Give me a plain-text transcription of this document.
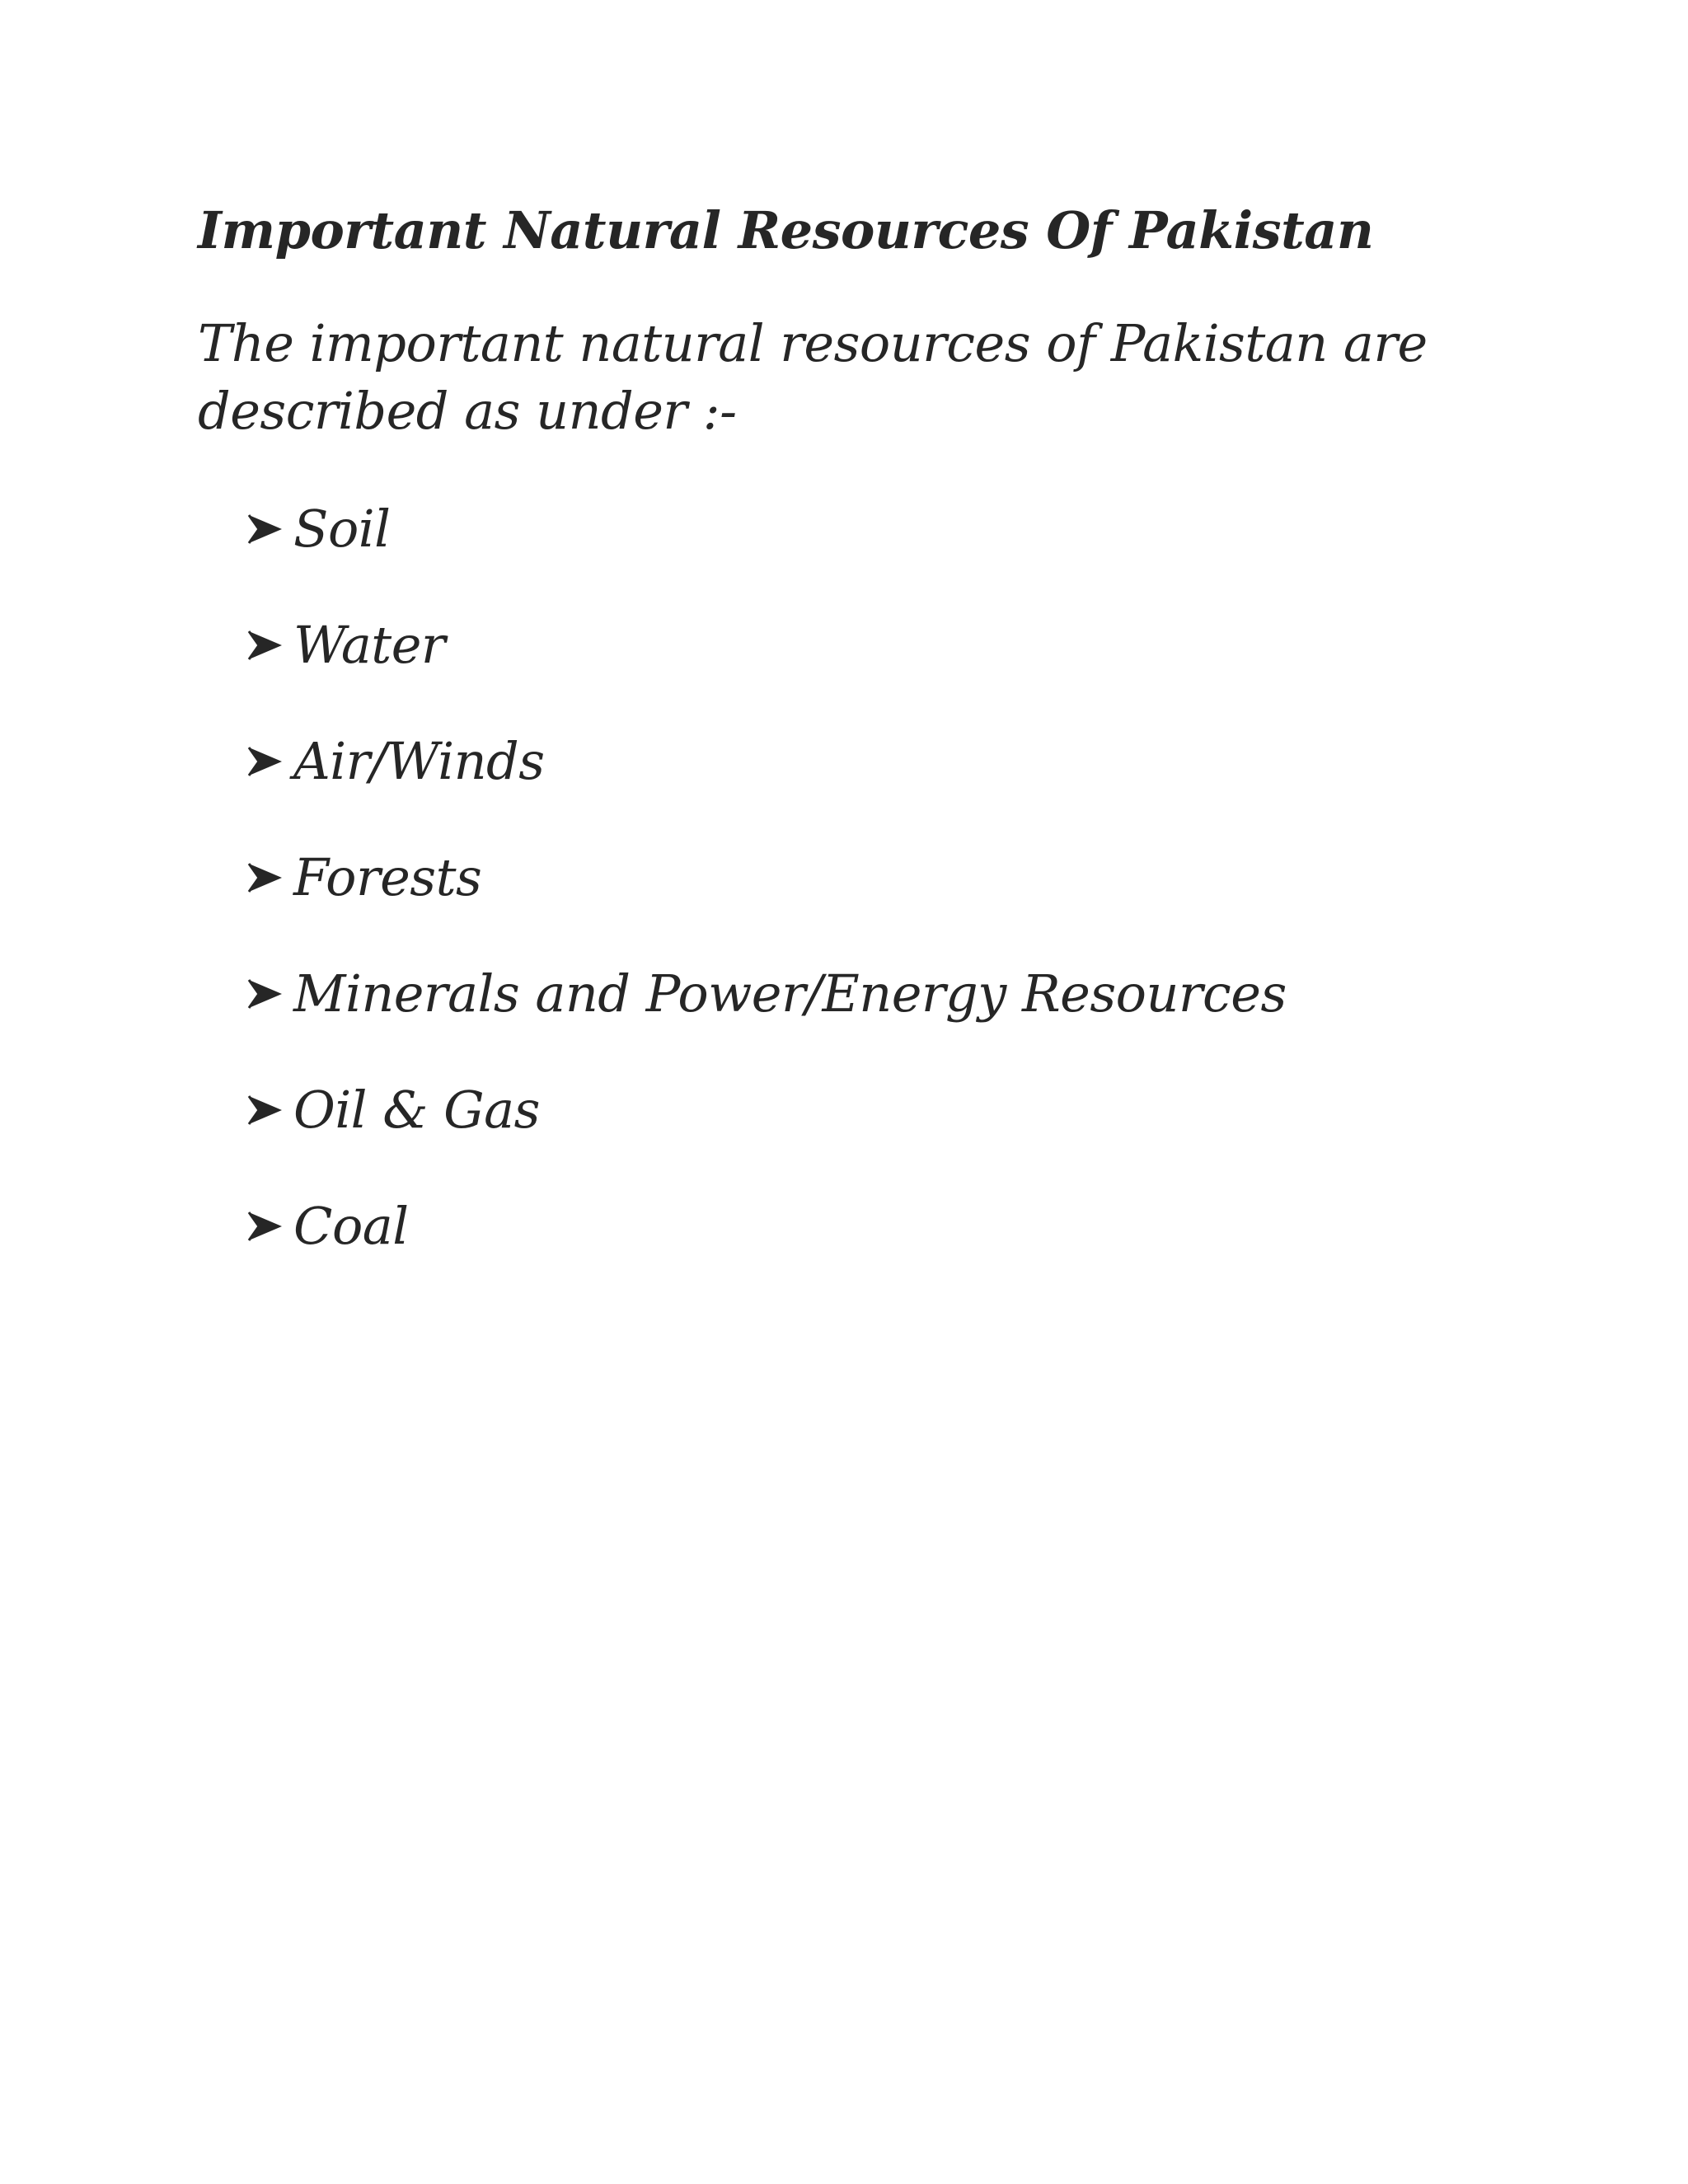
Important Natural Resources Of Pakistan

The important natural resources of Pakistan are described as under :-

Soil
Water
Air/Winds
Forests
Minerals and Power/Energy Resources
Oil & Gas
Coal
